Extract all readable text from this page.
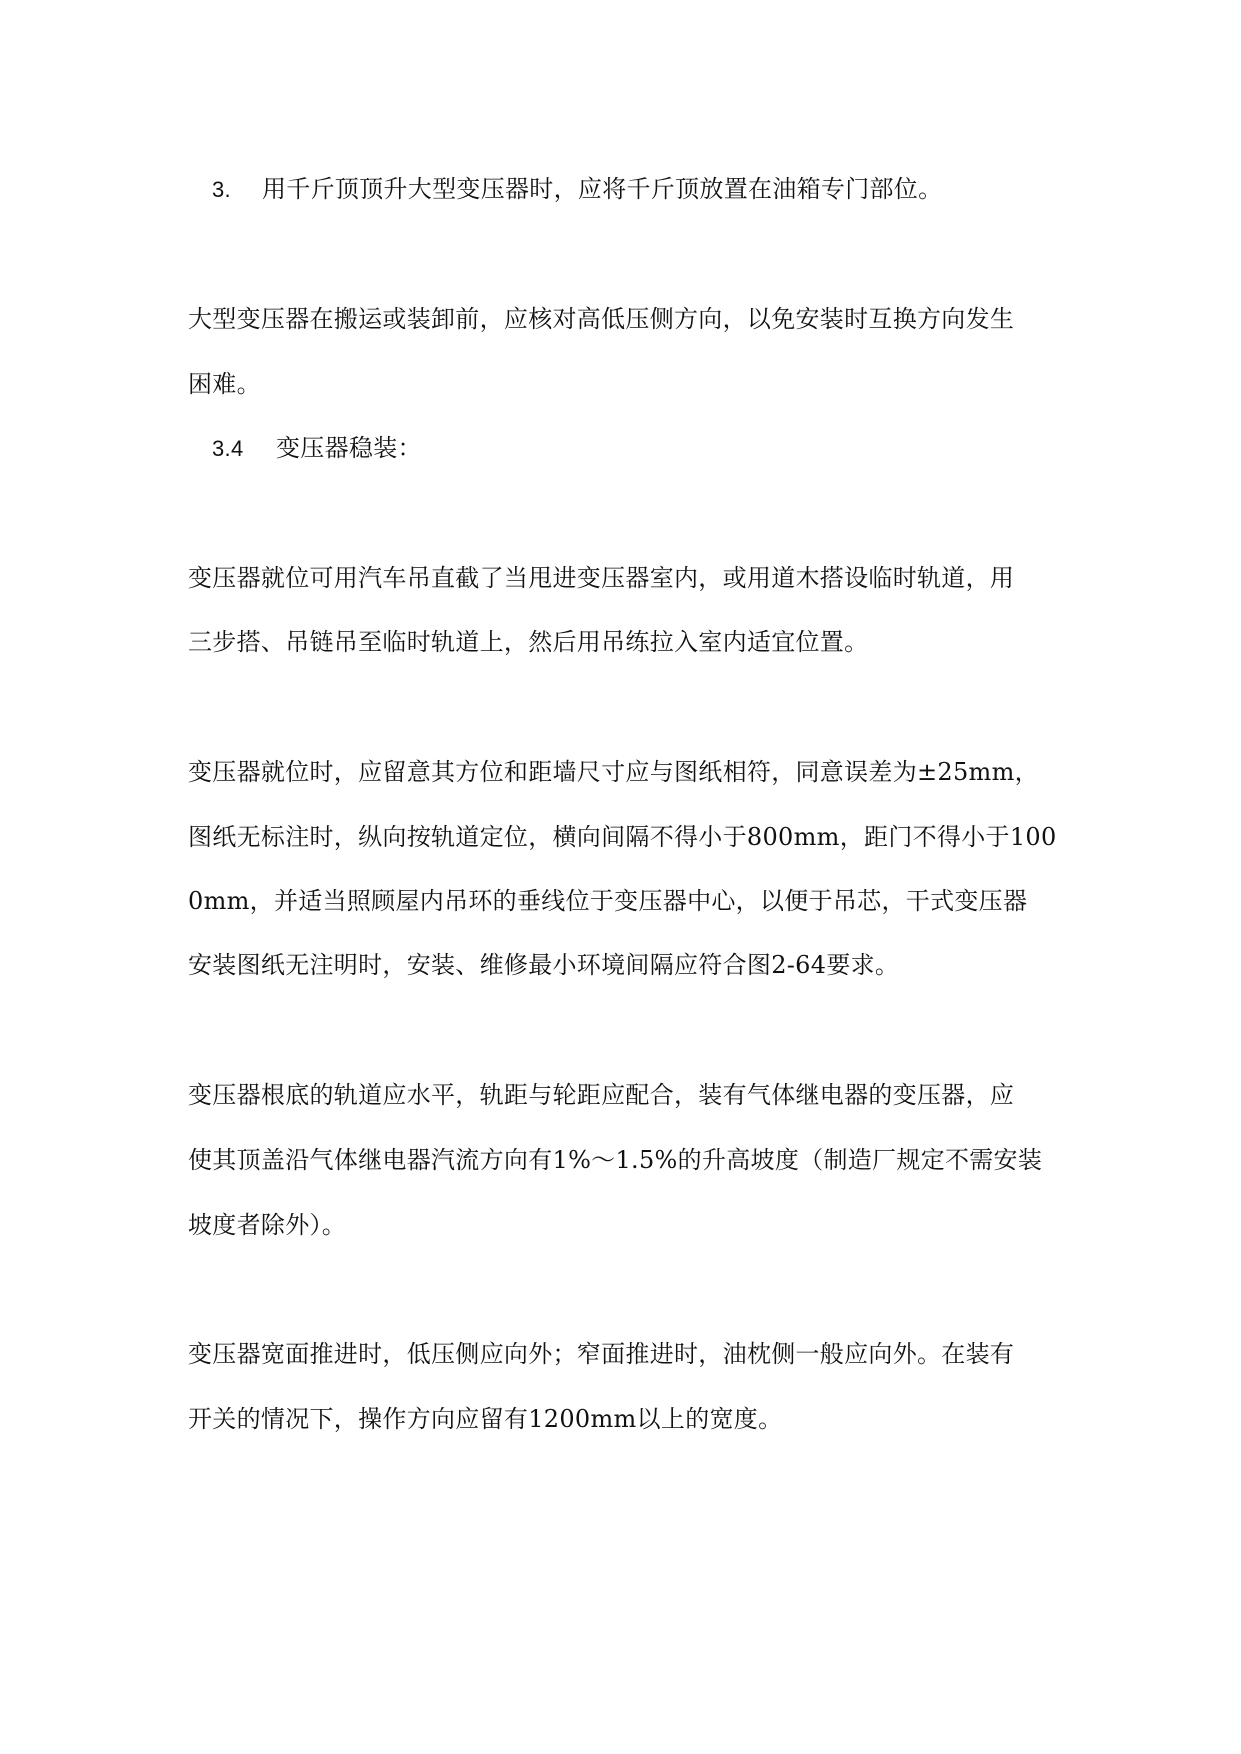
3. 用千斤顶顶升大型变压器时，应将千斤顶放置在油箱专门部位。
大型变压器在搬运或装卸前，应核对高低压侧方向，以免安装时互换方向发生
困难。
3.4 变压器稳装：
变压器就位可用汽车吊直截了当甩进变压器室内，或用道木搭设临时轨道，用
三步搭、吊链吊至临时轨道上，然后用吊练拉入室内适宜位置。
变压器就位时，应留意其方位和距墙尺寸应与图纸相符，同意误差为±25mm，
图纸无标注时，纵向按轨道定位，横向间隔不得小于800mm，距门不得小于100
0mm，并适当照顾屋内吊环的垂线位于变压器中心，以便于吊芯，干式变压器
安装图纸无注明时，安装、维修最小环境间隔应符合图2-64要求。
变压器根底的轨道应水平，轨距与轮距应配合，装有气体继电器的变压器，应
使其顶盖沿气体继电器汽流方向有1%～1.5%的升高坡度（制造厂规定不需安装
坡度者除外）。
变压器宽面推进时，低压侧应向外；窄面推进时，油枕侧一般应向外。在装有
开关的情况下，操作方向应留有1200mm以上的宽度。
